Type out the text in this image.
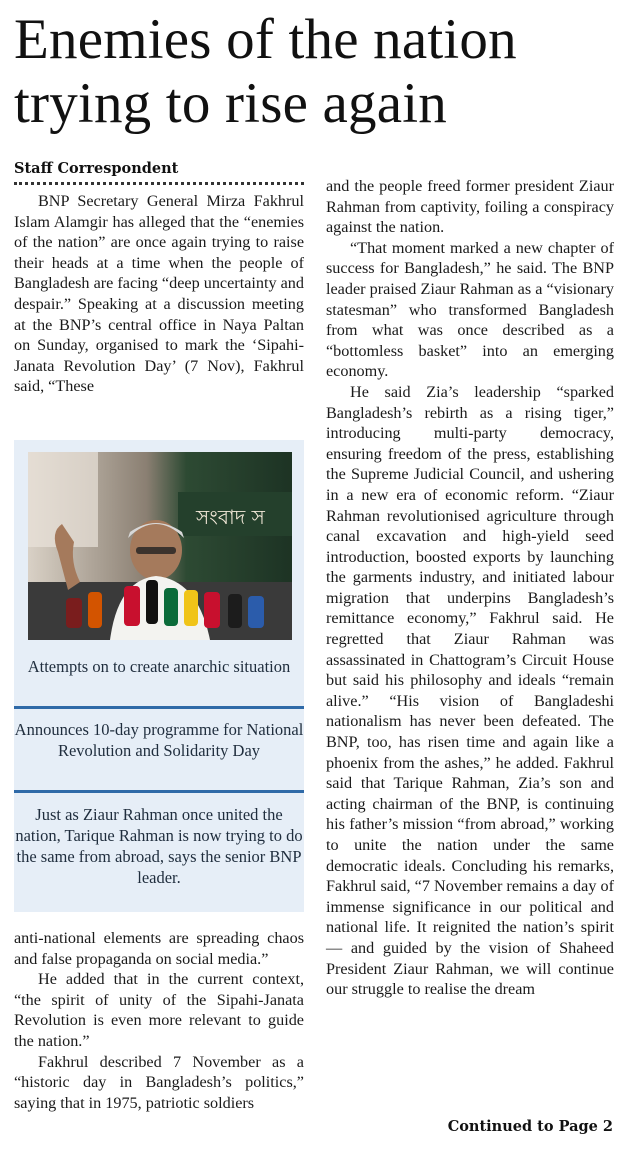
Enemies of the nation
trying to rise again
Staff Correspondent

BNP Secretary General Mirza Fakhrul Islam Alamgir has alleged that the “enemies of the nation” are once again trying to raise their heads at a time when the people of Bangladesh are facing “deep uncertainty and despair.” Speaking at a discussion meeting at the BNP’s central office in Naya Paltan on Sunday, organised to mark the ‘Sipahi-Janata Revolution Day’ (7 Nov), Fakhrul said, “These

সংবাদ স
Attempts on to create anarchic situation
Announces 10-day programme for National Revolution and Solidarity Day
Just as Ziaur Rahman once united the nation, Tarique Rahman is now trying to do the same from abroad, says the senior BNP leader.

anti-national elements are spreading chaos and false propaganda on social media.”

He added that in the current context, “the spirit of unity of the Sipahi-Janata Revolution is even more relevant to guide the nation.”

Fakhrul described 7 November as a “historic day in Bangladesh’s politics,” saying that in 1975, patriotic soldiers

and the people freed former president Ziaur Rahman from captivity, foiling a conspiracy against the nation.

“That moment marked a new chapter of success for Bangladesh,” he said. The BNP leader praised Ziaur Rahman as a “visionary statesman” who transformed Bangladesh from what was once described as a “bottomless basket” into an emerging economy.

He said Zia’s leadership “sparked Bangladesh’s rebirth as a rising tiger,” introducing multi-party democracy, ensuring freedom of the press, establishing the Supreme Judicial Council, and ushering in a new era of economic reform. “Ziaur Rahman revolutionised agriculture through canal excavation and high-yield seed introduction, boosted exports by launching the garments industry, and initiated labour migration that underpins Bangladesh’s remittance economy,” Fakhrul said. He regretted that Ziaur Rahman was assassinated in Chattogram’s Circuit House but said his philosophy and ideals “remain alive.” “His vision of Bangladeshi nationalism has never been defeated. The BNP, too, has risen time and again like a phoenix from the ashes,” he added. Fakhrul said that Tarique Rahman, Zia’s son and acting chairman of the BNP, is continuing his father’s mission “from abroad,” working to unite the nation under the same democratic ideals. Concluding his remarks, Fakhrul said, “7 November remains a day of immense significance in our political and national life. It reignited the nation’s spirit — and guided by the vision of Shaheed President Ziaur Rahman, we will continue our struggle to realise the dream

Continued to Page 2
